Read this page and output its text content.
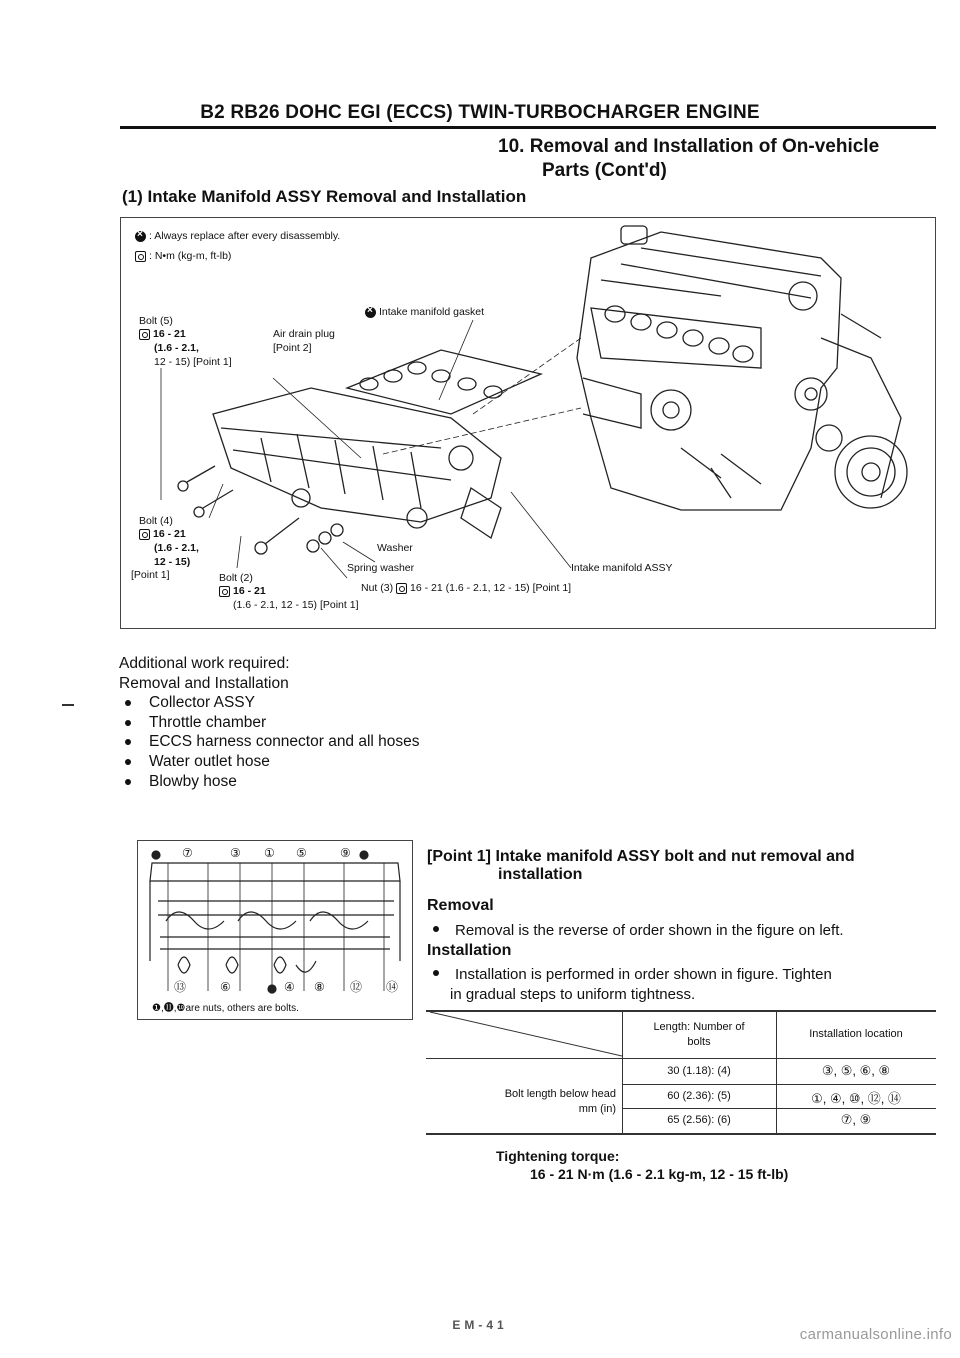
B2 RB26 DOHC EGI (ECCS) TWIN-TURBOCHARGER ENGINE
10. Removal and Installation of On-vehicle
Parts (Cont'd)
(1) Intake Manifold ASSY Removal and Installation
×: Always replace after every disassembly.
: N•m (kg-m, ft-lb)
Bolt (5)
16 - 21
(1.6 - 2.1,
12 - 15) [Point 1]
×Intake manifold gasket
Air drain plug
[Point 2]
Bolt (4)
16 - 21
(1.6 - 2.1,
12 - 15)
[Point 1]	Bolt (2)
16 - 21
(1.6 - 2.1, 12 - 15) [Point 1]
Washer
Spring washer	Intake manifold ASSY
Nut (3) 16 - 21 (1.6 - 2.1, 12 - 15) [Point 1]
Additional work required:
Removal and Installation
Collector ASSY
Throttle chamber
ECCS harness connector and all hoses
Water outlet hose
Blowby hose
⑦	③ ① ⑤	⑨
⑬	⑥	④ ⑧ ⑫ ⑭
❶,⓫,❿are nuts, others are bolts.
[Point 1] Intake manifold ASSY bolt and nut removal and
installation
Removal
Removal is the reverse of order shown in the figure on left.
Installation
Installation is performed in order shown in figure. Tighten
in gradual steps to uniform tightness.
Length: Number of
bolts
Installation location
Bolt length below head
mm (in)
30 (1.18): (4)	③, ⑤, ⑥, ⑧
60 (2.36): (5)	①, ④, ⑩, ⑫, ⑭
65 (2.56): (6)	⑦, ⑨
Tightening torque:
16 - 21 N·m (1.6 - 2.1 kg-m, 12 - 15 ft-lb)
EM-41
carmanualsonline.info
